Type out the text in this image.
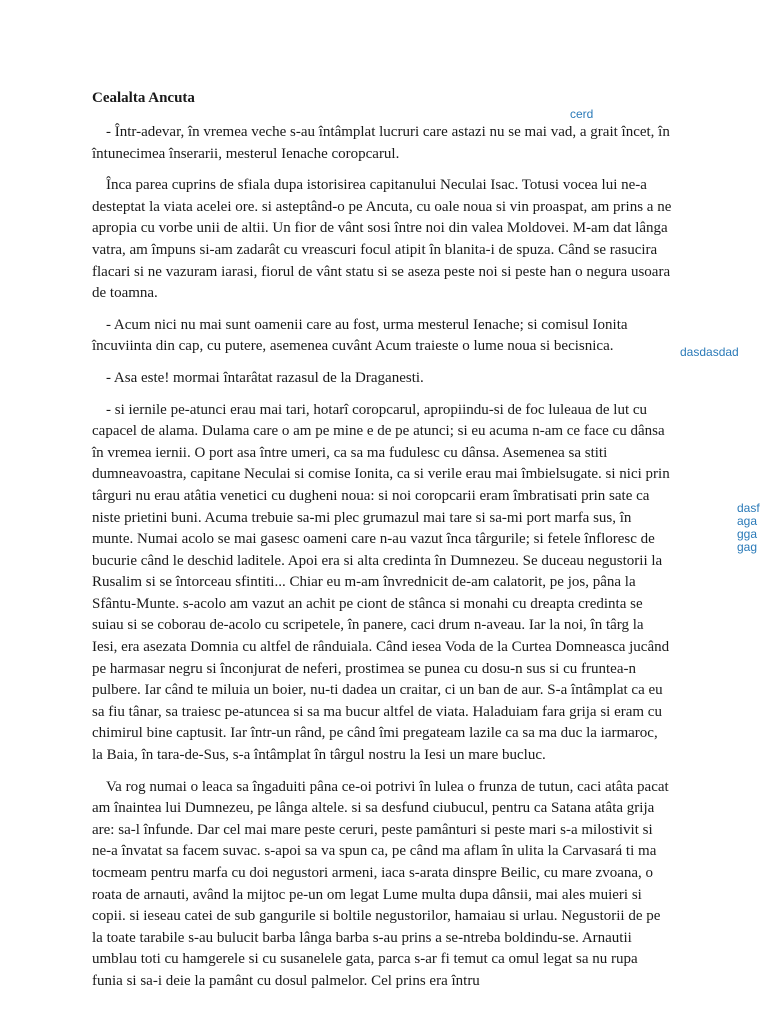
Cealalta Ancuta

- Într-adevar, în vremea veche s-au întâmplat lucruri care astazi nu se mai vad, a grait încet, în întunecimea înserarii, mesterul Ienache coropcarul.

Înca parea cuprins de sfiala dupa istorisirea capitanului Neculai Isac. Totusi vocea lui ne-a desteptat la viata acelei ore. si asteptând-o pe Ancuta, cu oale noua si vin proaspat, am prins a ne apropia cu vorbe unii de altii. Un fior de vânt sosi între noi din valea Moldovei. M-am dat lânga vatra, am împuns si-am zadarât cu vreascuri focul atipit în blanita-i de spuza. Când se rasucira flacari si ne vazuram iarasi, fiorul de vânt statu si se aseza peste noi si peste han o negura usoara de toamna.

- Acum nici nu mai sunt oamenii care au fost, urma mesterul Ienache; si comisul Ionita încuviinta din cap, cu putere, asemenea cuvânt Acum traieste o lume noua si becisnica.

- Asa este! mormai întarâtat razasul de la Draganesti.

- si iernile pe-atunci erau mai tari, hotarî coropcarul, apropiindu-si de foc luleaua de lut cu capacel de alama. Dulama care o am pe mine e de pe atunci; si eu acuma n-am ce face cu dânsa în vremea iernii. O port asa între umeri, ca sa ma fudulesc cu dânsa. Asemenea sa stiti dumneavoastra, capitane Neculai si comise Ionita, ca si verile erau mai îmbielsugate. si nici prin târguri nu erau atâtia venetici cu dugheni noua: si noi coropcarii eram îmbratisati prin sate ca niste prietini buni. Acuma trebuie sa-mi plec grumazul mai tare si sa-mi port marfa sus, în munte. Numai acolo se mai gasesc oameni care n-au vazut înca târgurile; si fetele înfloresc de bucurie când le deschid laditele. Apoi era si alta credinta în Dumnezeu. Se duceau negustorii la Rusalim si se întorceau sfintiti... Chiar eu m-am învrednicit de-am calatorit, pe jos, pâna la Sfântu-Munte. s-acolo am vazut an achit pe ciont de stânca si monahi cu dreapta credinta se suiau si se coborau de-acolo cu scripetele, în panere, caci drum n-aveau. Iar la noi, în târg la Iesi, era asezata Domnia cu altfel de rânduiala. Când iesea Voda de la Curtea Domneasca jucând pe harmasar negru si înconjurat de neferi, prostimea se punea cu dosu-n sus si cu fruntea-n pulbere. Iar când te miluia un boier, nu-ti dadea un craitar, ci un ban de aur. S-a întâmplat ca eu sa fiu tânar, sa traiesc pe-atuncea si sa ma bucur altfel de viata. Haladuiam fara grija si eram cu chimirul bine captusit. Iar într-un rând, pe când îmi pregateam lazile ca sa ma duc la iarmaroc, la Baia, în tara-de-Sus, s-a întâmplat în târgul nostru la Iesi un mare bucluc.

Va rog numai o leaca sa îngaduiti pâna ce-oi potrivi în lulea o frunza de tutun, caci atâta pacat am înaintea lui Dumnezeu, pe lânga altele. si sa desfund ciubucul, pentru ca Satana atâta grija are: sa-l înfunde. Dar cel mai mare peste ceruri, peste pamânturi si peste mari s-a milostivit si ne-a învatat sa facem suvac. s-apoi sa va spun ca, pe când ma aflam în ulita la Carvasará ti ma tocmeam pentru marfa cu doi negustori armeni, iaca s-arata dinspre Beilic, cu mare zvoana, o roata de arnauti, având la mijtoc pe-un om legat Lume multa dupa dânsii, mai ales muieri si copii. si ieseau catei de sub gangurile si boltile negustorilor, hamaiau si urlau. Negustorii de pe la toate tarabile s-au bulucit barba lânga barba s-au prins a se-ntreba boldindu-se. Arnautii umblau toti cu hamgerele si cu susanelele gata, parca s-ar fi temut ca omul legat sa nu rupa funia si sa-i deie la pamânt cu dosul palmelor. Cel prins era întru

cerd
dasdasdad
dasfagaggagag
